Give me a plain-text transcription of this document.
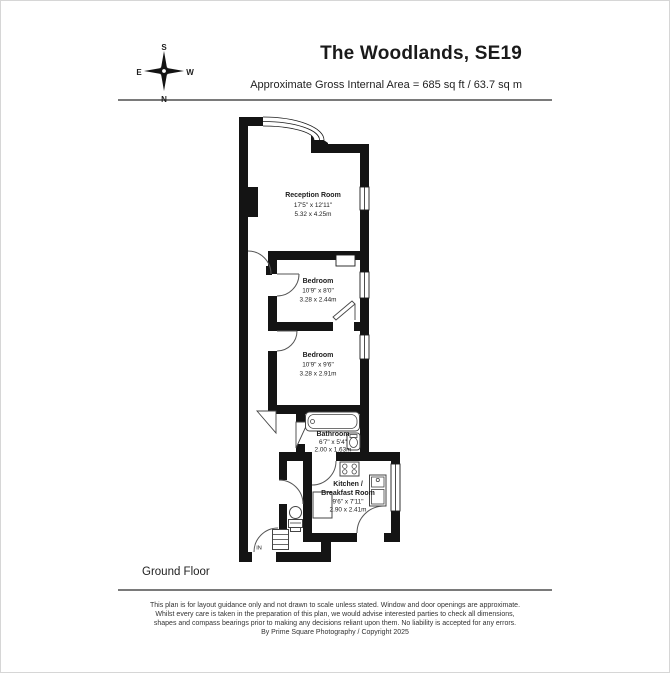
The Woodlands, SE19
Approximate Gross Internal Area = 685 sq ft / 63.7 sq m
S
N
E	W
Reception Room
17'5" x 12'11"
5.32 x 4.25m
Bedroom
10'9" x 8'0"
3.28 x 2.44m
Bedroom
10'9" x 9'6"
3.28 x 2.91m
Bathroom
6'7" x 5'4"
2.00 x 1.63m
Kitchen /
Breakfast Room
9'6" x 7'11"
2.90 x 2.41m
IN
Ground Floor
This plan is for layout guidance only and not drawn to scale unless stated. Window and door openings are approximate.
Whilst every care is taken in the preparation of this plan, we would advise interested parties to check all dimensions,
shapes and compass bearings prior to making any decisions reliant upon them. No liability is accepted for any errors.
By Prime Square Photography / Copyright 2025
